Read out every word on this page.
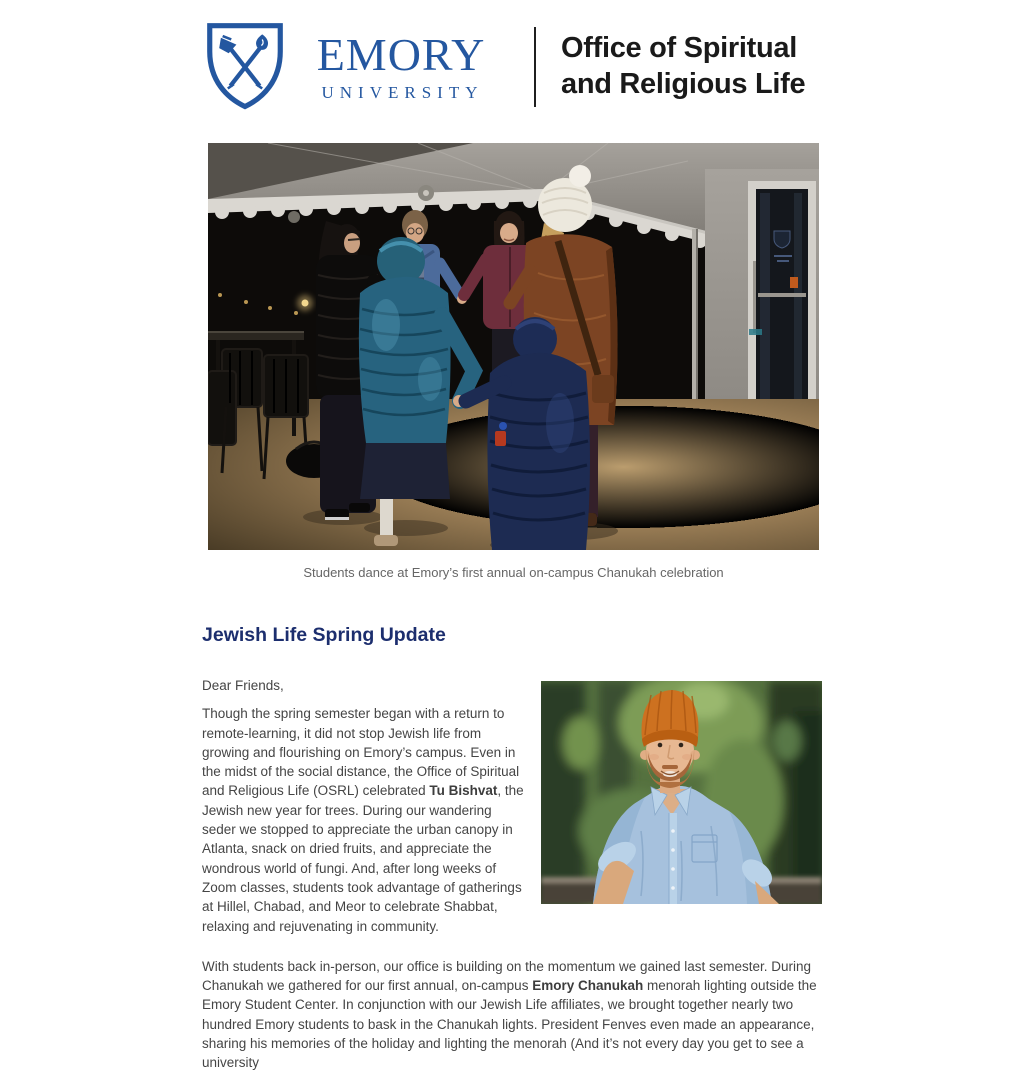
EMORY
UNIVERSITY
Office of Spiritual
and Religious Life
Students dance at Emory’s first annual on-campus Chanukah celebration
Jewish Life Spring Update

Dear Friends,

Though the spring semester began with a return to remote-learning, it did not stop Jewish life from growing and flourishing on Emory’s campus. Even in the midst of the social distance, the Office of Spiritual and Religious Life (OSRL) celebrated Tu Bishvat, the Jewish new year for trees. During our wandering seder we stopped to appreciate the urban canopy in Atlanta, snack on dried fruits, and appreciate the wondrous world of fungi. And, after long weeks of Zoom classes, students took advantage of gatherings at Hillel, Chabad, and Meor to celebrate Shabbat, relaxing and rejuvenating in community.

With students back in-person, our office is building on the momentum we gained last semester. During Chanukah we gathered for our first annual, on-campus Emory Chanukah menorah lighting outside the Emory Student Center. In conjunction with our Jewish Life affiliates, we brought together nearly two hundred Emory students to bask in the Chanukah lights. President Fenves even made an appearance, sharing his memories of the holiday and lighting the menorah (And it’s not every day you get to see a university
